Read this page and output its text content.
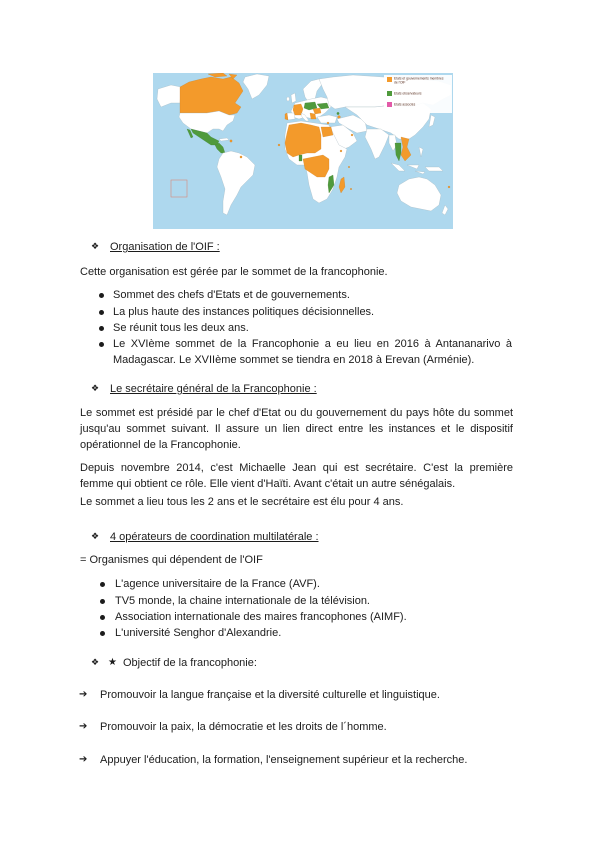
Etats et gouvernements membres
de l'OIF
Etats observateurs
Etats associés
❖
Organisation de l'OIF :
Cette organisation est gérée par le sommet de la francophonie.
Sommet des chefs d'Etats et de gouvernements.
La plus haute des instances politiques décisionnelles.
Se réunit tous les deux ans.
Le XVIème sommet de la Francophonie a eu lieu en 2016 à Antananarivo à
Madagascar. Le XVIIème sommet se tiendra en 2018 à Erevan (Arménie).
❖
Le secrétaire général de la Francophonie :
Le sommet est présidé par le chef d'Etat ou du gouvernement du pays hôte du sommet
jusqu'au sommet suivant. Il assure un lien direct entre les instances et le dispositif
opérationnel de la Francophonie.
Depuis novembre 2014, c'est Michaelle Jean qui est secrétaire. C'est la première
femme qui obtient ce rôle. Elle vient d'Haïti. Avant c'était un autre sénégalais.
Le sommet a lieu tous les 2 ans et le secrétaire est élu pour 4 ans.
❖
4 opérateurs de coordination multilatérale :
= Organismes qui dépendent de l'OIF
L'agence universitaire de la France (AVF).
TV5 monde, la chaine internationale de la télévision.
Association internationale des maires francophones (AIMF).
L'université Senghor d'Alexandrie.
❖
★
Objectif de la francophonie:
➔
Promouvoir la langue française et la diversité culturelle et linguistique.
➔
Promouvoir la paix, la démocratie et les droits de l´homme.
➔
Appuyer l'éducation, la formation, l'enseignement supérieur et la recherche.
